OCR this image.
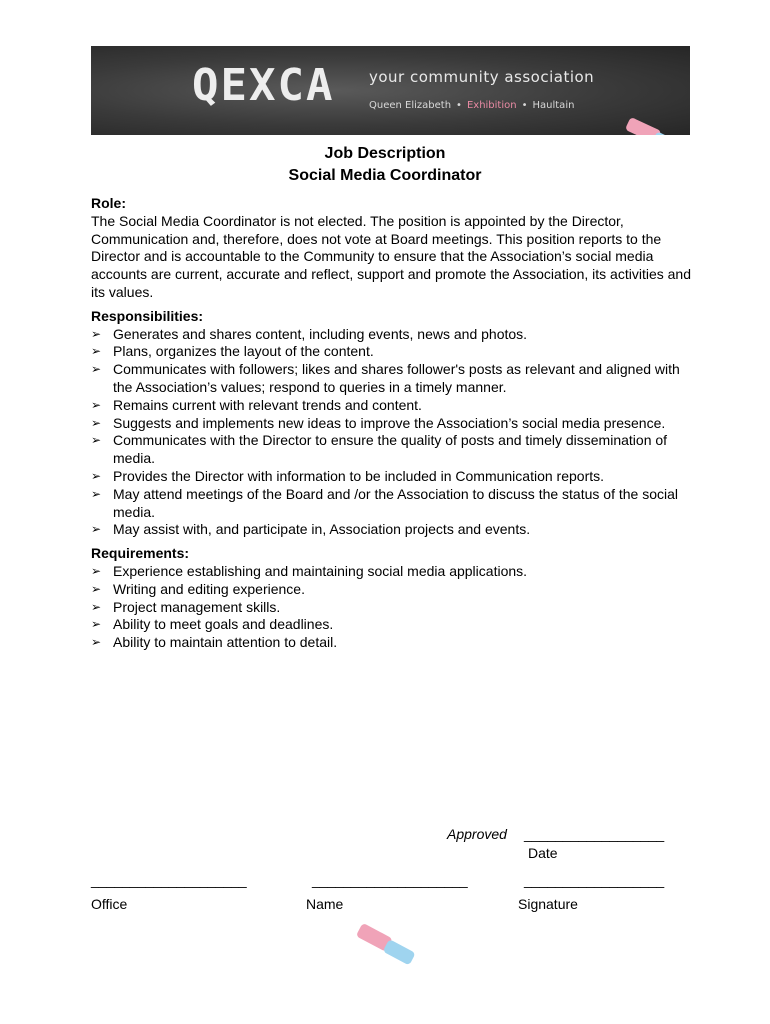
QEXCA your community association
Queen Elizabeth • Exhibition • Haultain
Job Description
Social Media Coordinator
Role:
The Social Media Coordinator is not elected. The position is appointed by the Director, Communication and, therefore, does not vote at Board meetings. This position reports to the Director and is accountable to the Community to ensure that the Association’s social media accounts are current, accurate and reflect, support and promote the Association, its activities and its values.
Responsibilities:
➢ Generates and shares content, including events, news and photos.
➢ Plans, organizes the layout of the content.
➢ Communicates with followers; likes and shares follower's posts as relevant and aligned with the Association’s values; respond to queries in a timely manner.
➢ Remains current with relevant trends and content.
➢ Suggests and implements new ideas to improve the Association’s social media presence.
➢ Communicates with the Director to ensure the quality of posts and timely dissemination of media.
➢ Provides the Director with information to be included in Communication reports.
➢ May attend meetings of the Board and /or the Association to discuss the status of the social media.
➢ May assist with, and participate in, Association projects and events.
Requirements:
➢ Experience establishing and maintaining social media applications.
➢ Writing and editing experience.
➢ Project management skills.
➢ Ability to meet goals and deadlines.
➢ Ability to maintain attention to detail.
Approved __________________
Date
____________________	____________________	__________________
Office	Name	Signature
